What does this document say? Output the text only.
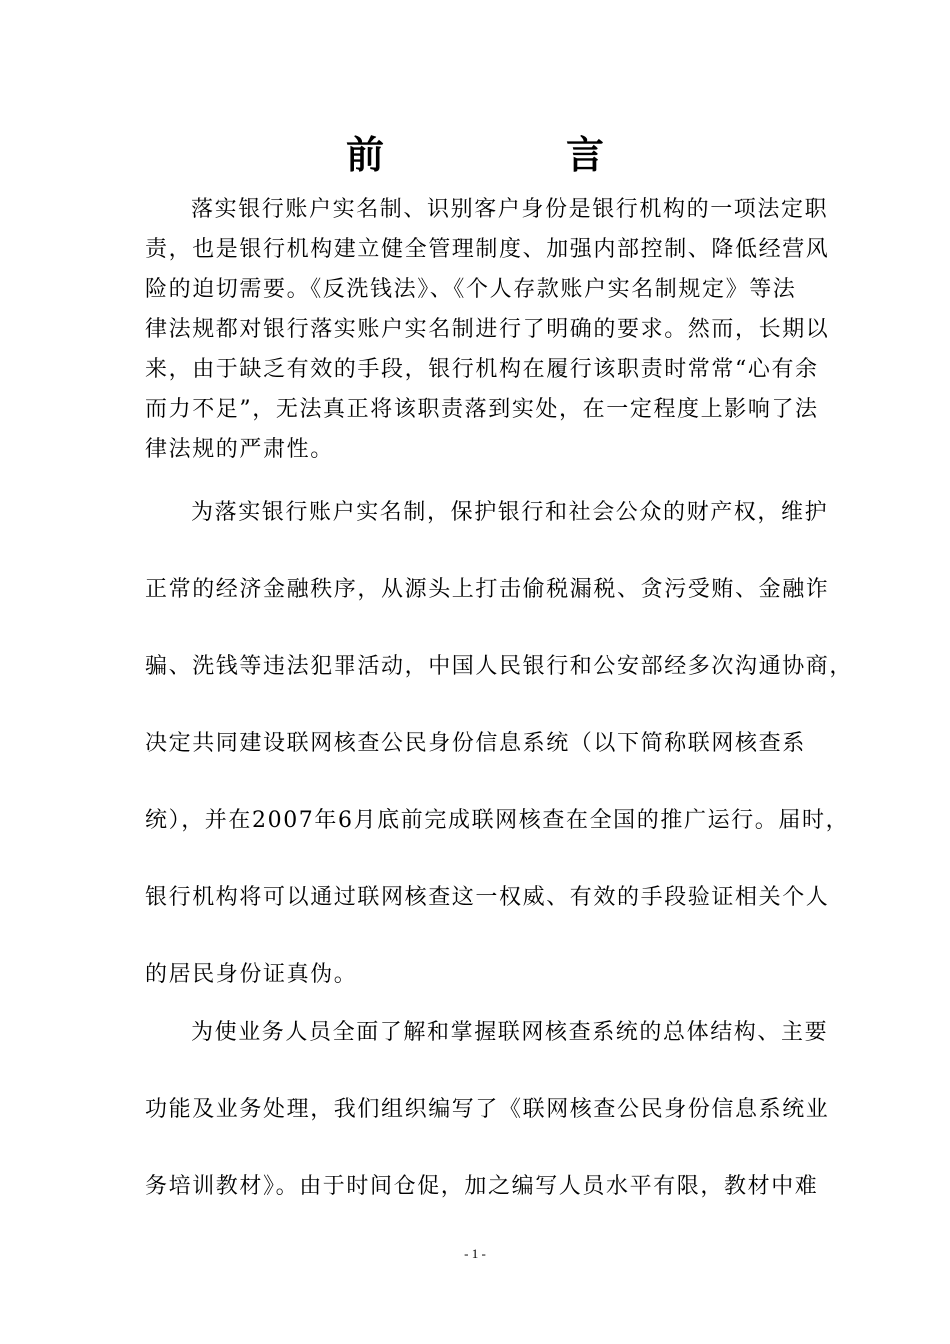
前　言
落实银行账户实名制、识别客户身份是银行机构的一项法定职
责，也是银行机构建立健全管理制度、加强内部控制、降低经营风
险的迫切需要。《反洗钱法》、《个人存款账户实名制规定》等法
律法规都对银行落实账户实名制进行了明确的要求。然而，长期以
来，由于缺乏有效的手段，银行机构在履行该职责时常常“心有余
而力不足”，无法真正将该职责落到实处，在一定程度上影响了法
律法规的严肃性。
为落实银行账户实名制，保护银行和社会公众的财产权，维护
正常的经济金融秩序，从源头上打击偷税漏税、贪污受贿、金融诈
骗、洗钱等违法犯罪活动，中国人民银行和公安部经多次沟通协商，
决定共同建设联网核查公民身份信息系统（以下简称联网核查系
统），并在2007年6月底前完成联网核查在全国的推广运行。届时，
银行机构将可以通过联网核查这一权威、有效的手段验证相关个人
的居民身份证真伪。
为使业务人员全面了解和掌握联网核查系统的总体结构、主要
功能及业务处理，我们组织编写了《联网核查公民身份信息系统业
务培训教材》。由于时间仓促，加之编写人员水平有限，教材中难
- 1 -
